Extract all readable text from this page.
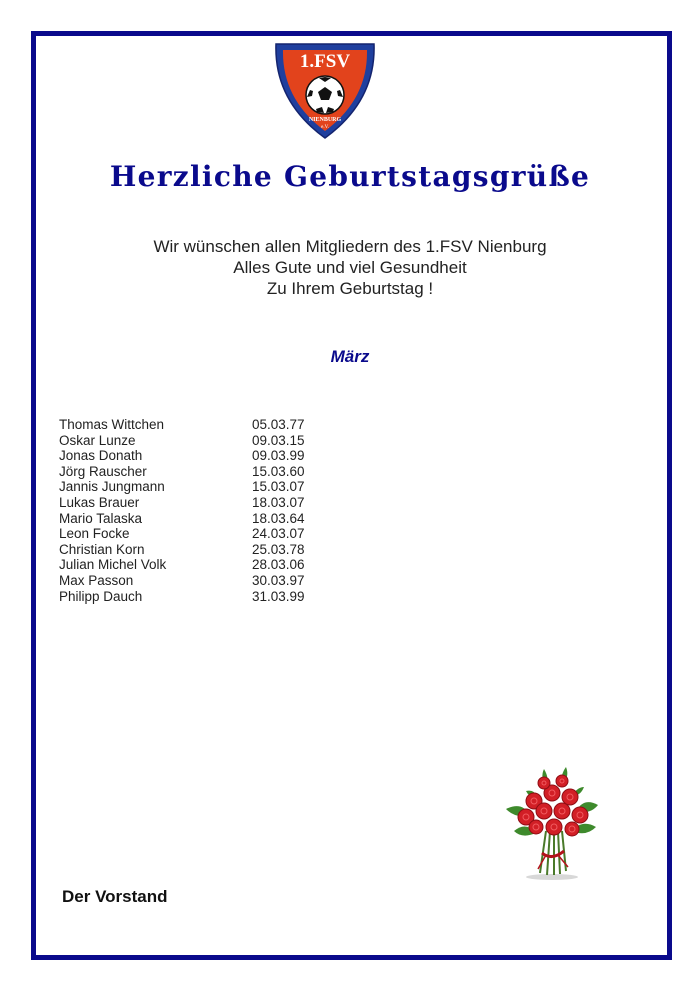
1.FSV
NIENBURG
e.V.
Herzliche Geburtstagsgrüße
Wir wünschen allen Mitgliedern des 1.FSV Nienburg
Alles Gute und viel Gesundheit
Zu Ihrem Geburtstag !
März
Thomas Wittchen	05.03.77
Oskar Lunze	09.03.15
Jonas Donath	09.03.99
Jörg Rauscher	15.03.60
Jannis Jungmann	15.03.07
Lukas Brauer	18.03.07
Mario Talaska	18.03.64
Leon Focke	24.03.07
Christian Korn	25.03.78
Julian Michel Volk	28.03.06
Max Passon	30.03.97
Philipp Dauch	31.03.99
Der Vorstand
